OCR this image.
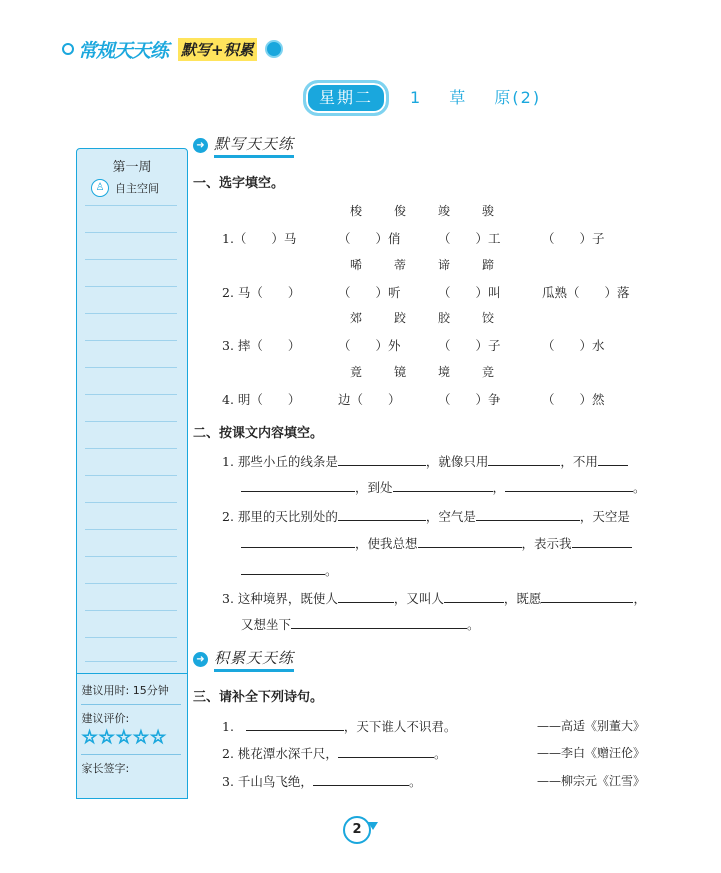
常规天天练 默写+积累
星期二	1 草 原(2)
➜ 默写天天练
第一周
♙ 自主空间
建议用时: 15分钟
建议评价:
☆☆☆☆☆
家长签字:
一、选字填空。
梭	俊	竣	骏
1.（　　）马	（　　）俏	（　　）工	（　　）子
唏	蒂	谛	蹄
2. 马（　　）	（　　）听	（　　）叫	瓜熟（　　）落
郊	跤	胶	饺
3. 摔（　　）	（　　）外	（　　）子	（　　）水
竟	镜	境	竞
4. 明（　　）	边（　　）	（　　）争	（　　）然
二、按课文内容填空。
1. 那些小丘的线条是	，就像只用	，不用
，到处	，	。
2. 那里的天比别处的	，空气是	，天空是
，使我总想	，表示我
。
3. 这种境界，既使人	，又叫人	，既愿	，
又想坐下	。
➜ 积累天天练
三、请补全下列诗句。
1.	，天下谁人不识君。	——高适《别董大》
2. 桃花潭水深千尺，	。	——李白《赠汪伦》
3. 千山鸟飞绝，	。	——柳宗元《江雪》
2
